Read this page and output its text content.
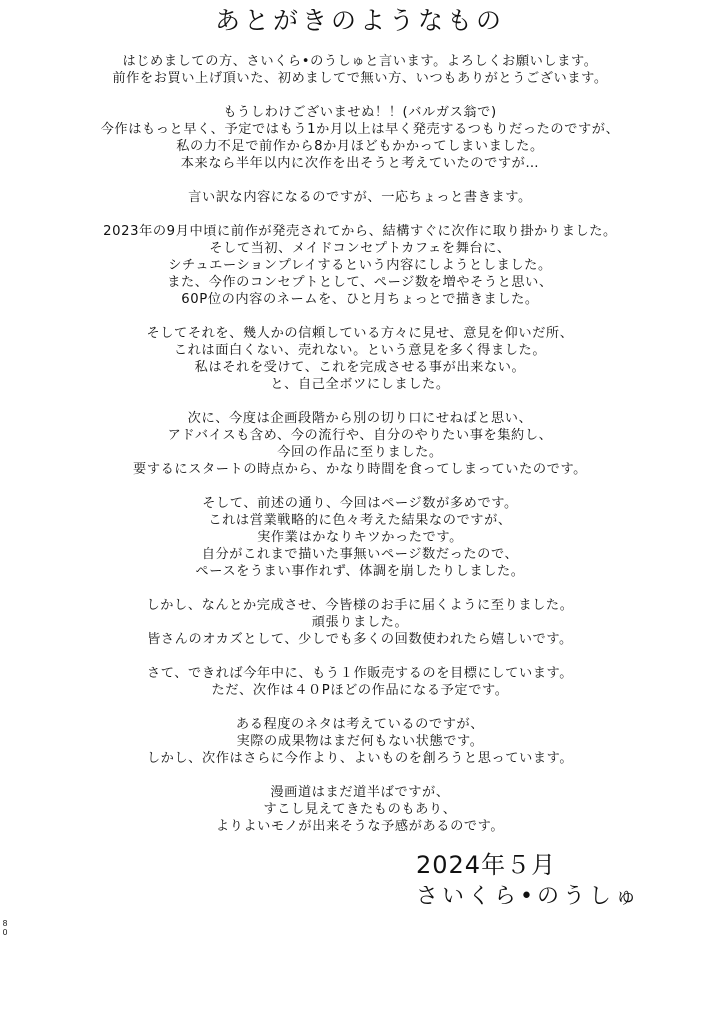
あとがきのようなもの
はじめましての方、さいくら•のうしゅと言います。よろしくお願いします。
前作をお買い上げ頂いた、初めましてで無い方、いつもありがとうございます。
もうしわけございませぬ！！(バルガス翁で)
今作はもっと早く、予定ではもう1か月以上は早く発売するつもりだったのですが、
私の力不足で前作から8か月ほどもかかってしまいました。
本来なら半年以内に次作を出そうと考えていたのですが…
言い訳な内容になるのですが、一応ちょっと書きます。
2023年の9月中頃に前作が発売されてから、結構すぐに次作に取り掛かりました。
そして当初、メイドコンセプトカフェを舞台に、
シチュエーションプレイするという内容にしようとしました。
また、今作のコンセプトとして、ページ数を増やそうと思い、
60P位の内容のネームを、ひと月ちょっとで描きました。
そしてそれを、幾人かの信頼している方々に見せ、意見を仰いだ所、
これは面白くない、売れない。という意見を多く得ました。
私はそれを受けて、これを完成させる事が出来ない。
と、自己全ボツにしました。
次に、今度は企画段階から別の切り口にせねばと思い、
アドバイスも含め、今の流行や、自分のやりたい事を集約し、
今回の作品に至りました。
要するにスタートの時点から、かなり時間を食ってしまっていたのです。
そして、前述の通り、今回はページ数が多めです。
これは営業戦略的に色々考えた結果なのですが、
実作業はかなりキツかったです。
自分がこれまで描いた事無いページ数だったので、
ペースをうまい事作れず、体調を崩したりしました。
しかし、なんとか完成させ、今皆様のお手に届くように至りました。
頑張りました。
皆さんのオカズとして、少しでも多くの回数使われたら嬉しいです。
さて、できれば今年中に、もう１作販売するのを目標にしています。
ただ、次作は４０Pほどの作品になる予定です。
ある程度のネタは考えているのですが、
実際の成果物はまだ何もない状態です。
しかし、次作はさらに今作より、よいものを創ろうと思っています。
漫画道はまだ道半ばですが、
すこし見えてきたものもあり、
よりよいモノが出来そうな予感があるのです。
2024年５月
さいくら•のうしゅ
80
